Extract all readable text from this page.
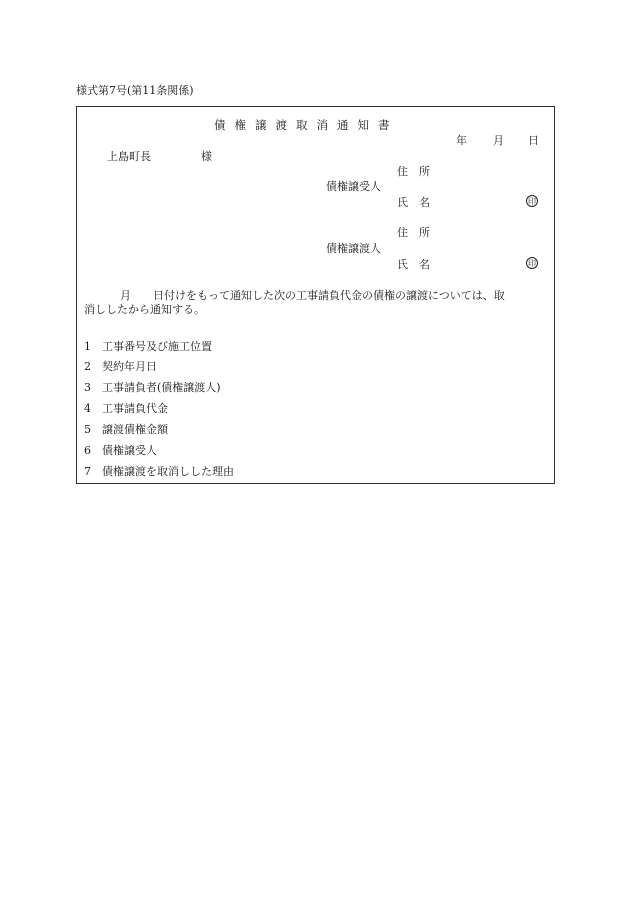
様式第7号(第11条関係)
債権譲渡取消通知書
年 月 日
上島町長	様
住　所
債権譲受人
氏　名	印
住　所
債権譲渡人
氏　名	印
月　　日付けをもって通知した次の工事請負代金の債権の譲渡については、取
消ししたから通知する。
1 工事番号及び施工位置
2 契約年月日
3 工事請負者(債権譲渡人)
4 工事請負代金
5 譲渡債権金額
6 債権譲受人
7 債権譲渡を取消しした理由
